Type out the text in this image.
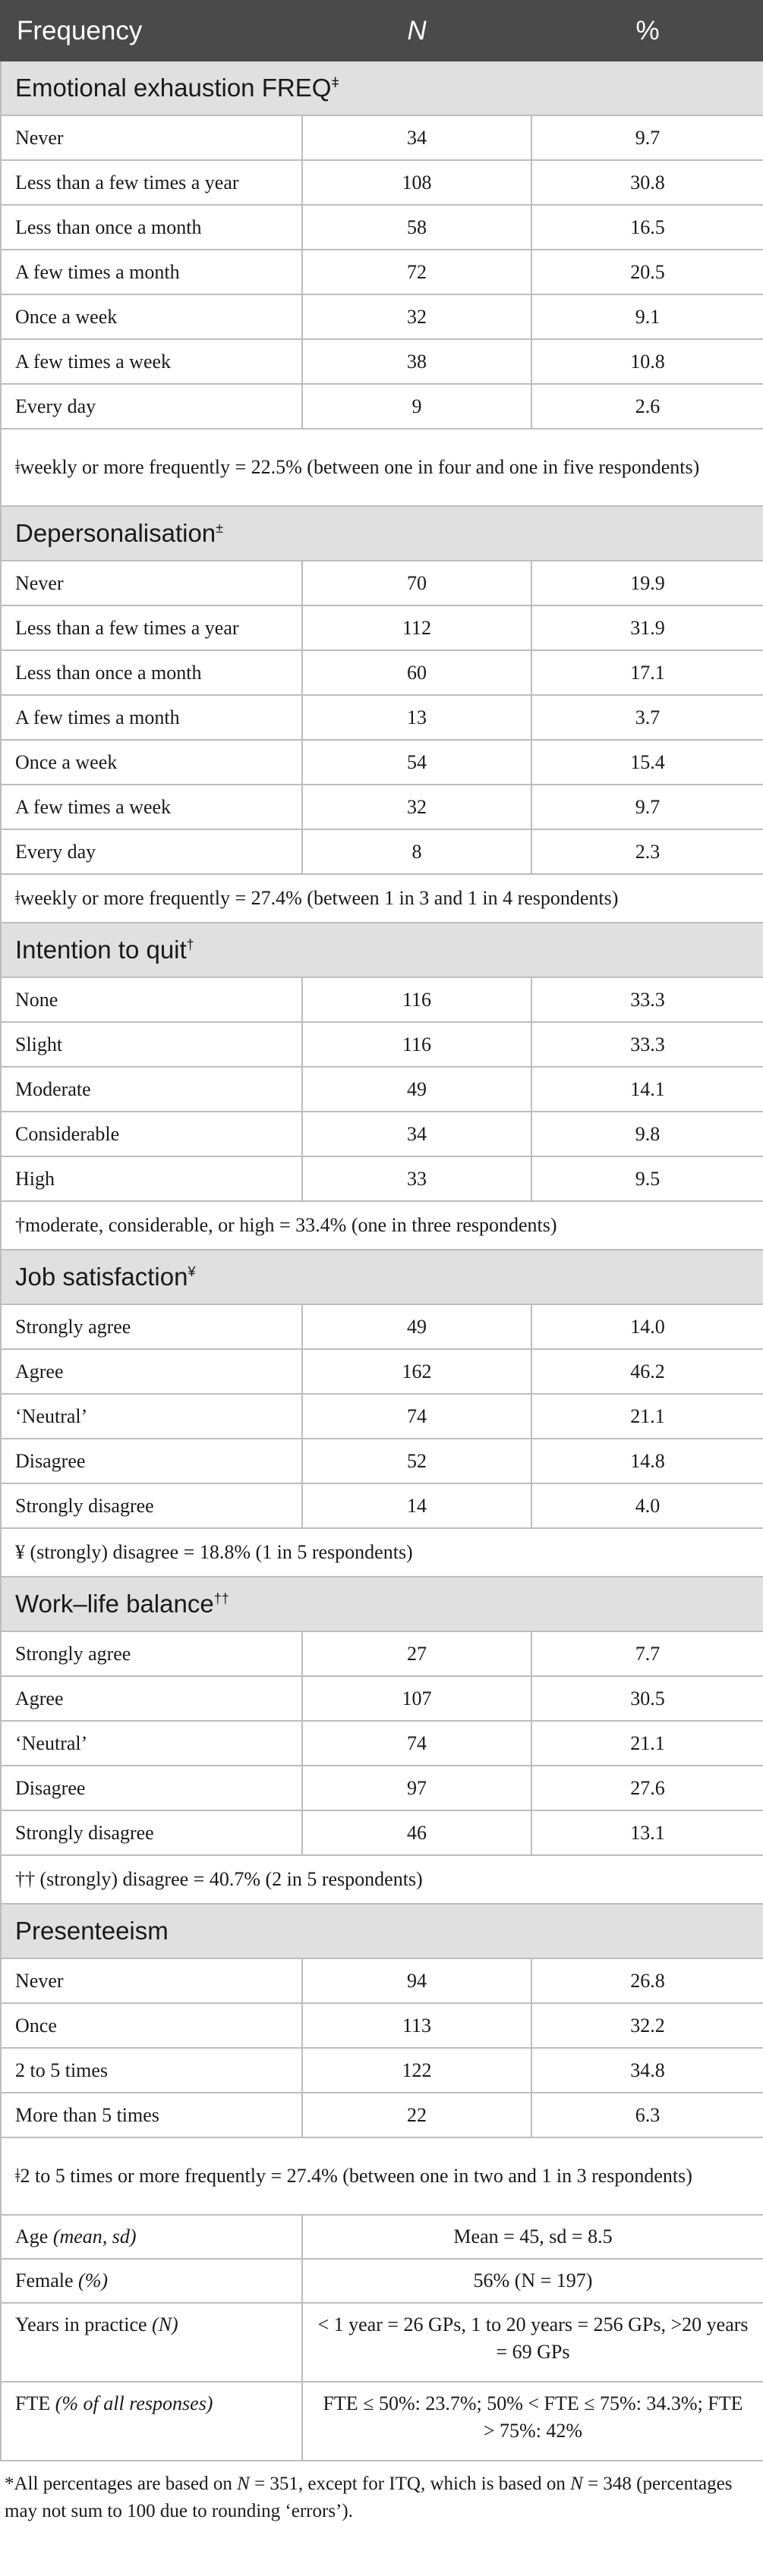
Frequency	N	%
Emotional exhaustion $FREQ^ǂ$
Never	34	9.7
Less than a few times a year	108	30.8
Less than once a month	58	16.5
A few times a month	72	20.5
Once a week	32	9.1
A few times a week	38	10.8
Every day	9	2.6
ǂweekly or more frequently = 22.5% (between one in four and one in five respondents)		
Depersonalisation±
Never	70	19.9
Less than a few times a year	112	31.9
Less than once a month	60	17.1
A few times a month	13	3.7
Once a week	54	15.4
A few times a week	32	9.7
Every day	8	2.3
ǂweekly or more frequently = 27.4% (between 1 in 3 and 1 in 4 respondents)		
Intention to quit†
None	116	33.3
Slight	116	33.3
Moderate	49	14.1
Considerable	34	9.8
High	33	9.5
†moderate, considerable, or high = 33.4% (one in three respondents)		
Job satisfaction¥
Strongly agree	49	14.0
Agree	162	46.2
‘Neutral’	74	21.1
Disagree	52	14.8
Strongly disagree	14	4.0
¥ (strongly) disagree = 18.8% (1 in 5 respondents)		
Work–life balance††
Strongly agree	27	7.7
Agree	107	30.5
‘Neutral’	74	21.1
Disagree	97	27.6
Strongly disagree	46	13.1
†† (strongly) disagree = 40.7% (2 in 5 respondents)		
Presenteeism		
Never	94	26.8
Once	113	32.2
2 to 5 times	122	34.8
More than 5 times	22	6.3
ǂ2 to 5 times or more frequently = 27.4% (between one in two and 1 in 3 respondents)		
Age (mean, sd)	Mean = 45, sd = 8.5	
Female (%)	56% (N = 197)	
Years in practice (N)	< 1 year = 26 GPs, 1 to 20 years = 256 GPs, >20 years = 69 GPs	
FTE (% of all responses)	FTE ≤ 50%: 23.7%; 50% < FTE ≤ 75%: 34.3%; FTE > 75%: 42%	

*All percentages are based on N = 351, except for ITQ, which is based on N = 348 (percentages may not sum to 100 due to rounding ‘errors’).
